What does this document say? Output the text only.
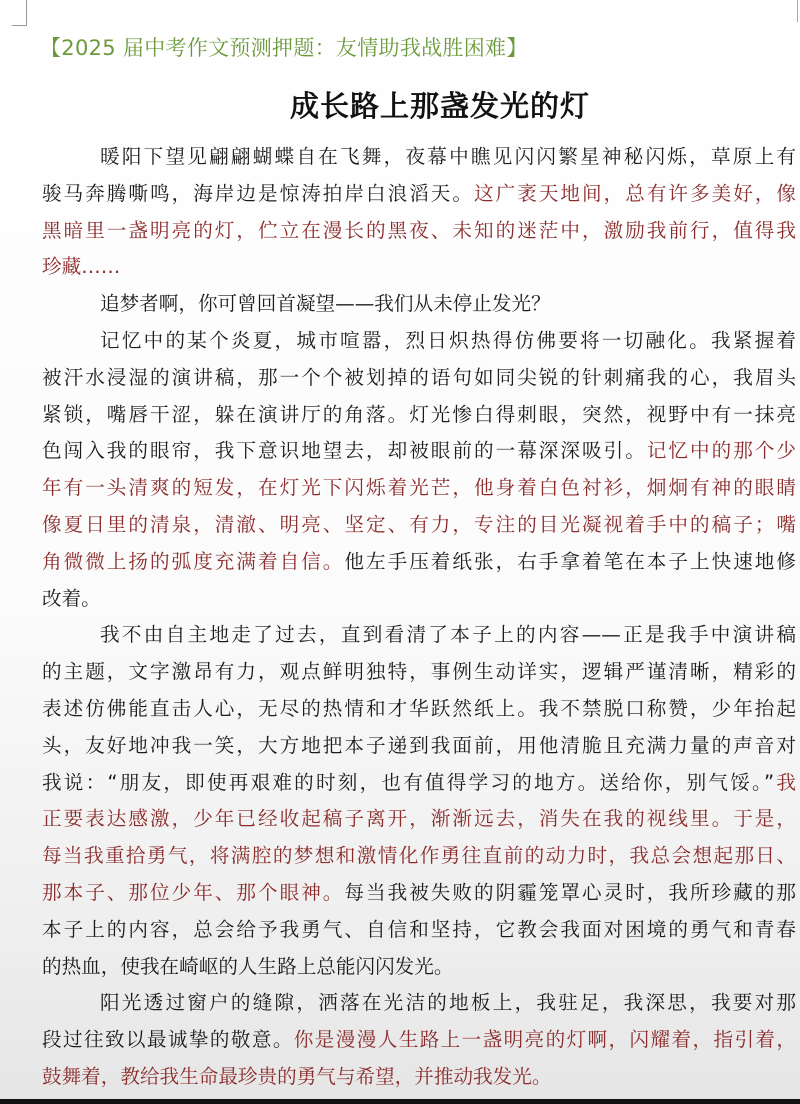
【2025 届中考作文预测押题：友情助我战胜困难】
成长路上那盏发光的灯
暖阳下望见翩翩蝴蝶自在飞舞，夜幕中瞧见闪闪繁星神秘闪烁，草原上有
骏马奔腾嘶鸣，海岸边是惊涛拍岸白浪滔天。这广袤天地间，总有许多美好，像
黑暗里一盏明亮的灯，伫立在漫长的黑夜、未知的迷茫中，激励我前行，值得我
珍藏……
追梦者啊，你可曾回首凝望——我们从未停止发光？
记忆中的某个炎夏，城市喧嚣，烈日炽热得仿佛要将一切融化。我紧握着
被汗水浸湿的演讲稿，那一个个被划掉的语句如同尖锐的针刺痛我的心，我眉头
紧锁，嘴唇干涩，躲在演讲厅的角落。灯光惨白得刺眼，突然，视野中有一抹亮
色闯入我的眼帘，我下意识地望去，却被眼前的一幕深深吸引。记忆中的那个少
年有一头清爽的短发，在灯光下闪烁着光芒，他身着白色衬衫，炯炯有神的眼睛
像夏日里的清泉，清澈、明亮、坚定、有力，专注的目光凝视着手中的稿子；嘴
角微微上扬的弧度充满着自信。他左手压着纸张，右手拿着笔在本子上快速地修
改着。
我不由自主地走了过去，直到看清了本子上的内容——正是我手中演讲稿
的主题，文字激昂有力，观点鲜明独特，事例生动详实，逻辑严谨清晰，精彩的
表述仿佛能直击人心，无尽的热情和才华跃然纸上。我不禁脱口称赞，少年抬起
头，友好地冲我一笑，大方地把本子递到我面前，用他清脆且充满力量的声音对
我说：“朋友，即使再艰难的时刻，也有值得学习的地方。送给你，别气馁。”我
正要表达感激，少年已经收起稿子离开，渐渐远去，消失在我的视线里。于是，
每当我重拾勇气，将满腔的梦想和激情化作勇往直前的动力时，我总会想起那日、
那本子、那位少年、那个眼神。每当我被失败的阴霾笼罩心灵时，我所珍藏的那
本子上的内容，总会给予我勇气、自信和坚持，它教会我面对困境的勇气和青春
的热血，使我在崎岖的人生路上总能闪闪发光。
阳光透过窗户的缝隙，洒落在光洁的地板上，我驻足，我深思，我要对那
段过往致以最诚挚的敬意。你是漫漫人生路上一盏明亮的灯啊，闪耀着，指引着，
鼓舞着，教给我生命最珍贵的勇气与希望，并推动我发光。
